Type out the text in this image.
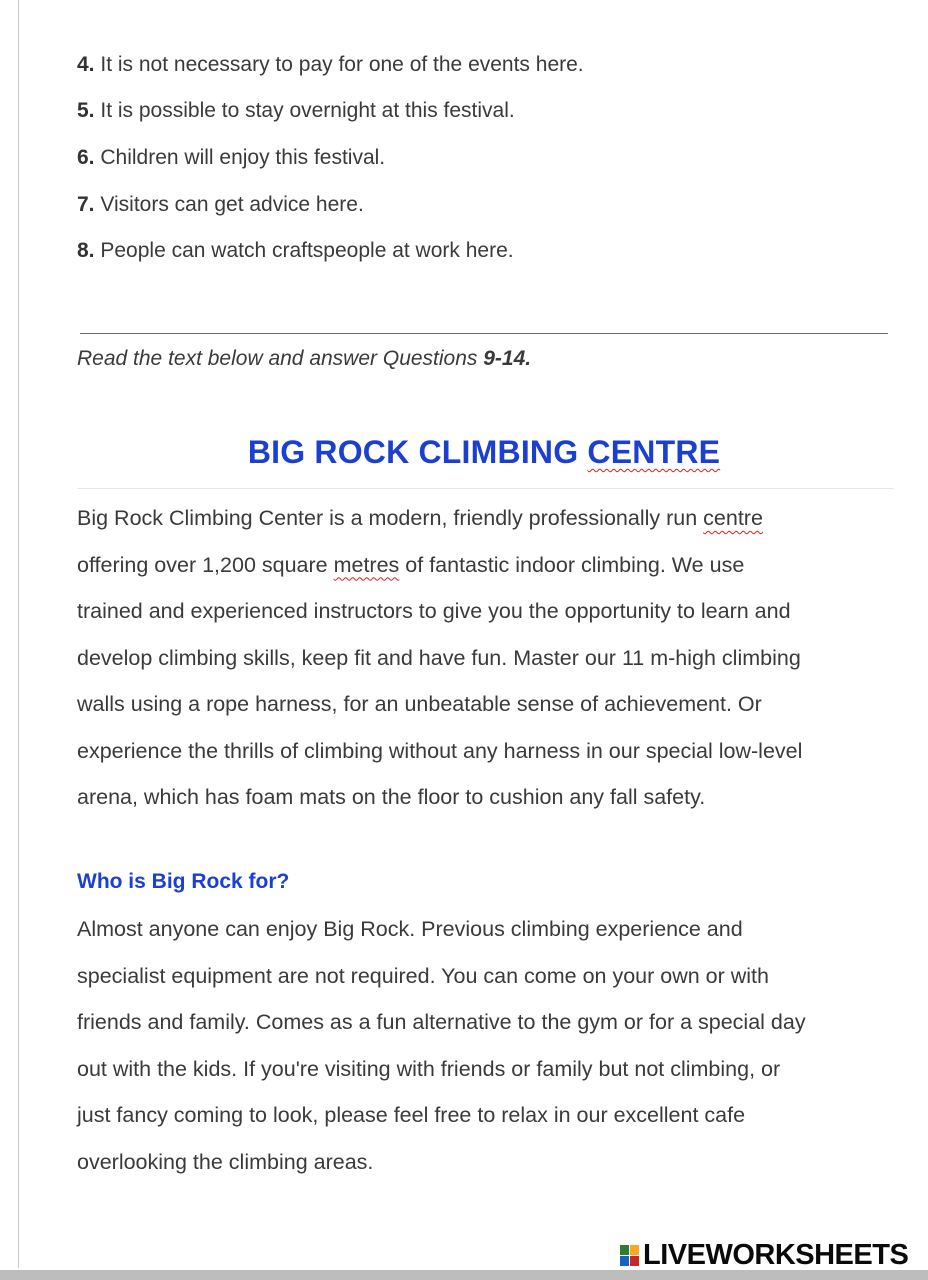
4. It is not necessary to pay for one of the events here.
5. It is possible to stay overnight at this festival.
6. Children will enjoy this festival.
7. Visitors can get advice here.
8. People can watch craftspeople at work here.
Read the text below and answer Questions 9-14.
BIG ROCK CLIMBING CENTRE
Big Rock Climbing Center is a modern, friendly professionally run centre
offering over 1,200 square metres of fantastic indoor climbing. We use
trained and experienced instructors to give you the opportunity to learn and
develop climbing skills, keep fit and have fun. Master our 11 m-high climbing
walls using a rope harness, for an unbeatable sense of achievement. Or
experience the thrills of climbing without any harness in our special low-level
arena, which has foam mats on the floor to cushion any fall safety.
Who is Big Rock for?
Almost anyone can enjoy Big Rock. Previous climbing experience and
specialist equipment are not required. You can come on your own or with
friends and family. Comes as a fun alternative to the gym or for a special day
out with the kids. If you're visiting with friends or family but not climbing, or
just fancy coming to look, please feel free to relax in our excellent cafe
overlooking the climbing areas.
LIVEWORKSHEETS
